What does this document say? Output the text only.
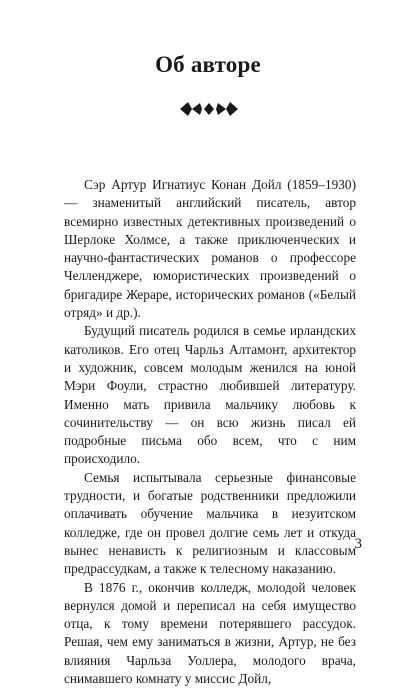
Об авторе

Сэр Артур Игнатиус Конан Дойл (1859–1930) — знаменитый английский писатель, автор всемирно известных детективных произведений о Шерлоке Холмсе, а также приключенческих и научно-фантастических романов о профессоре Челленджере, юмористических произведений о бригадире Жераре, исторических романов («Белый отряд» и др.).

Будущий писатель родился в семье ирландских католиков. Его отец Чарльз Алтамонт, архитектор и художник, совсем молодым женился на юной Мэри Фоули, страстно любившей литературу. Именно мать привила мальчику любовь к сочинительству — он всю жизнь писал ей подробные письма обо всем, что с ним происходило.

Семья испытывала серьезные финансовые трудности, и богатые родственники предложили оплачивать обучение мальчика в иезуитском колледже, где он провел долгие семь лет и откуда вынес ненависть к религиозным и классовым предрассудкам, а также к телесному наказанию.

В 1876 г., окончив колледж, молодой человек вернулся домой и переписал на себя имущество отца, к тому времени потерявшего рассудок. Решая, чем ему заниматься в жизни, Артур, не без влияния Чарльза Уоллера, молодого врача, снимавшего комнату у миссис Дойл,

3
